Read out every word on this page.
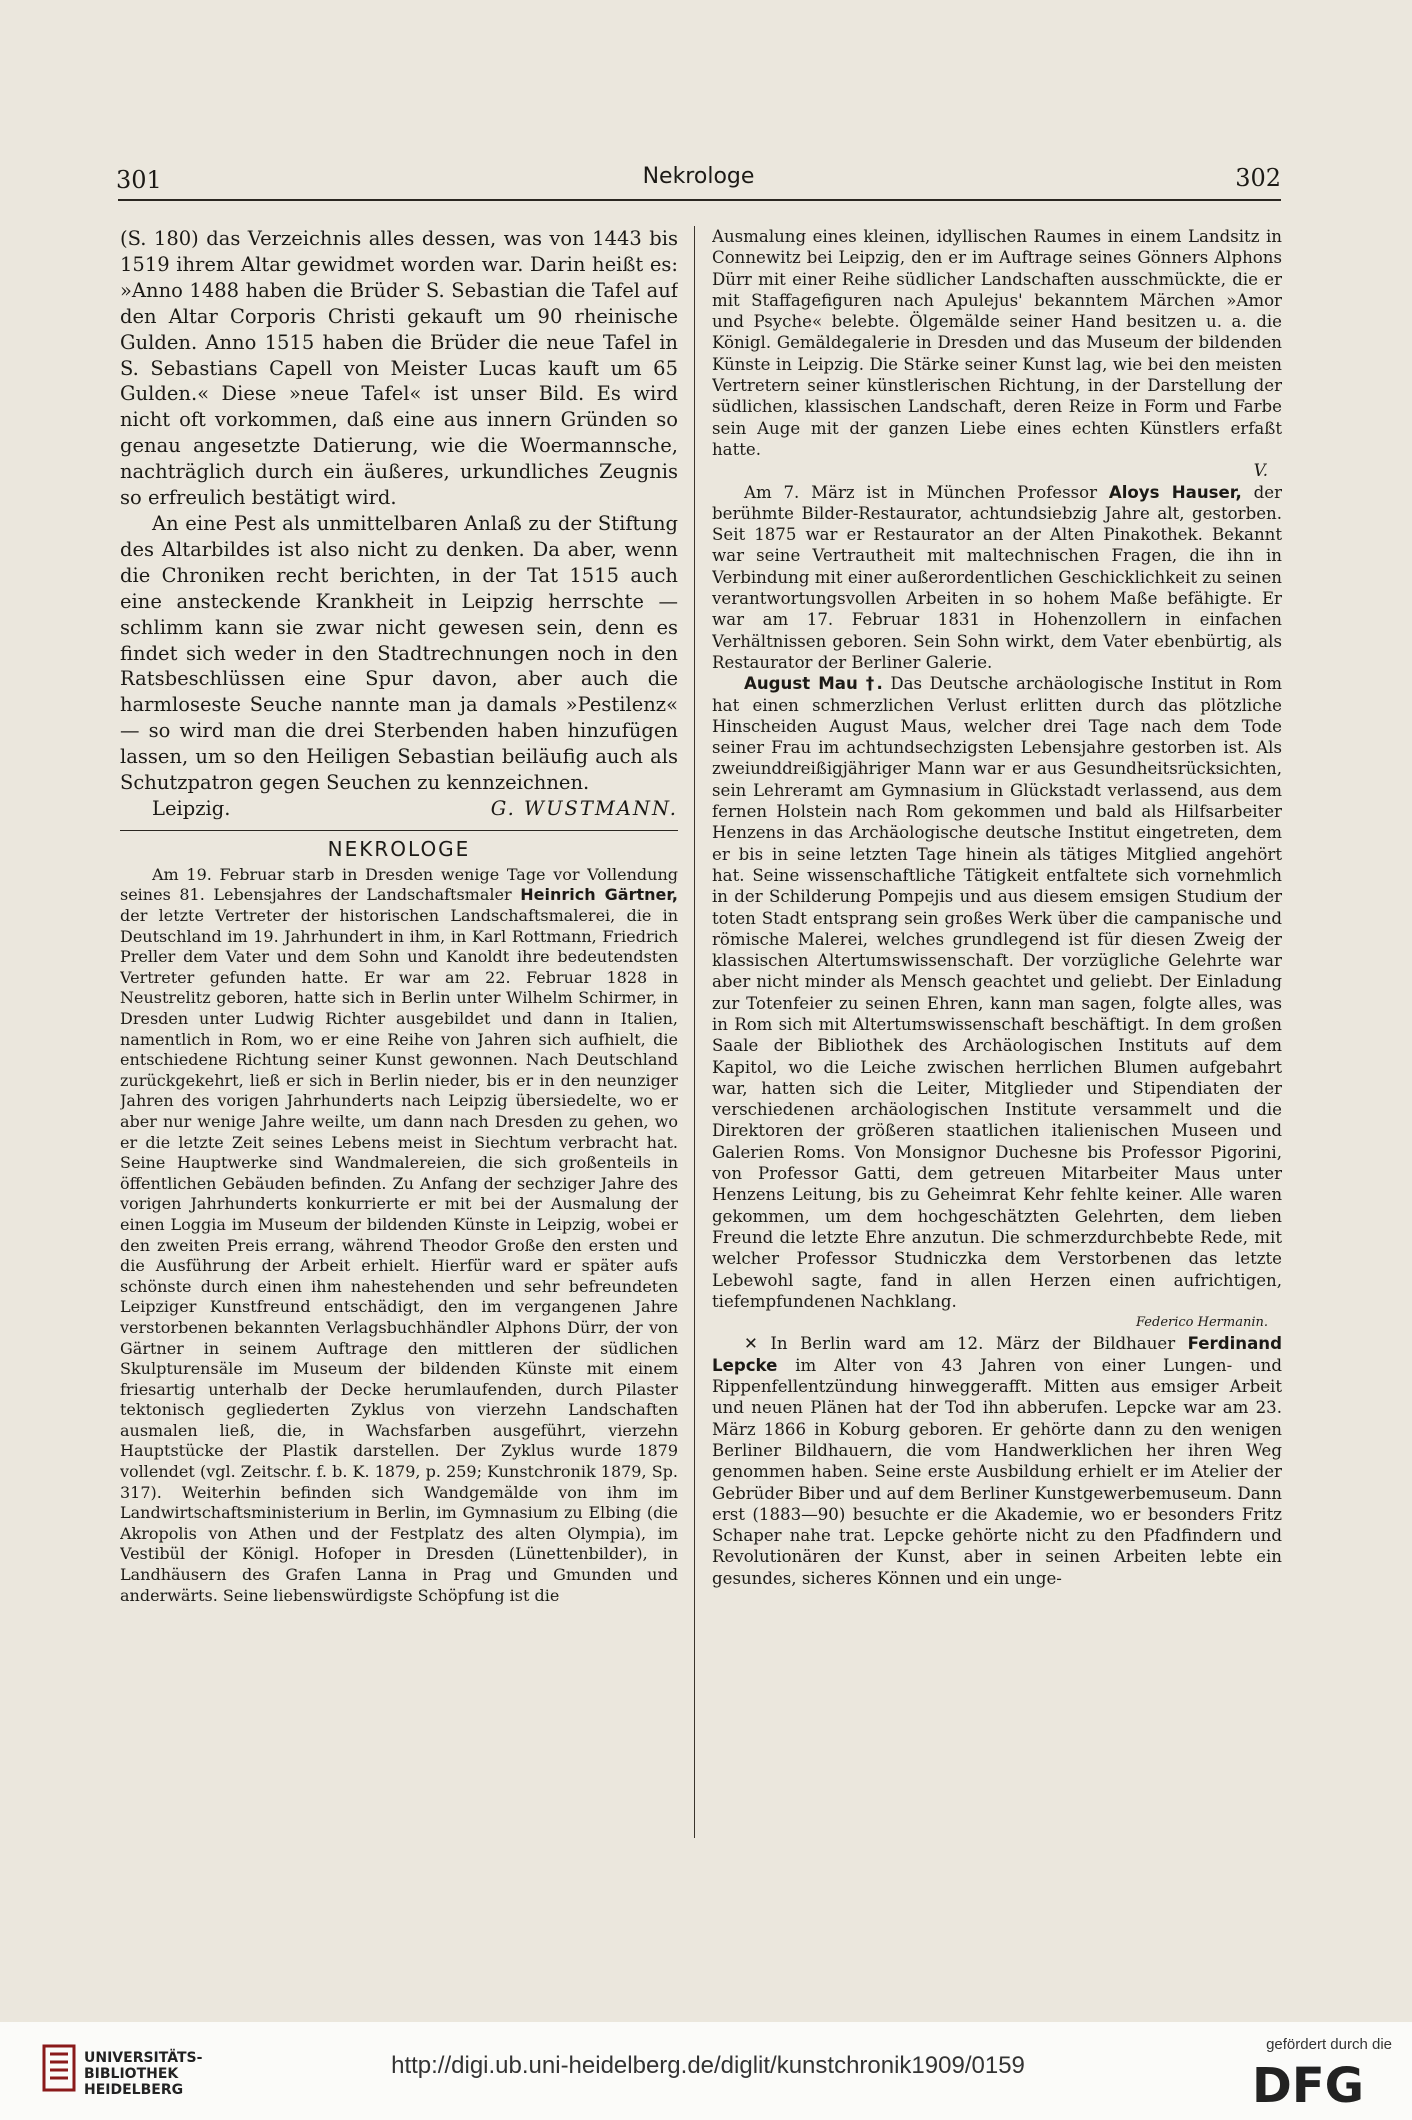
301	Nekrologe	302

(S. 180) das Verzeichnis alles dessen, was von 1443 bis 1519 ihrem Altar gewidmet worden war. Darin heißt es: »Anno 1488 haben die Brüder S. Sebastian die Tafel auf den Altar Corporis Christi gekauft um 90 rheinische Gulden. Anno 1515 haben die Brüder die neue Tafel in S. Sebastians Capell von Meister Lucas kauft um 65 Gulden.« Diese »neue Tafel« ist unser Bild. Es wird nicht oft vorkommen, daß eine aus innern Gründen so genau angesetzte Datierung, wie die Woermannsche, nachträglich durch ein äußeres, urkundliches Zeugnis so erfreulich bestätigt wird.

An eine Pest als unmittelbaren Anlaß zu der Stiftung des Altarbildes ist also nicht zu denken. Da aber, wenn die Chroniken recht berichten, in der Tat 1515 auch eine ansteckende Krankheit in Leipzig herrschte — schlimm kann sie zwar nicht gewesen sein, denn es findet sich weder in den Stadtrechnungen noch in den Ratsbeschlüssen eine Spur davon, aber auch die harmloseste Seuche nannte man ja damals »Pestilenz« — so wird man die drei Sterbenden haben hinzufügen lassen, um so den Heiligen Sebastian beiläufig auch als Schutzpatron gegen Seuchen zu kennzeichnen.

Leipzig.	G. WUSTMANN.
NEKROLOGE

Am 19. Februar starb in Dresden wenige Tage vor Vollendung seines 81. Lebensjahres der Landschaftsmaler Heinrich Gärtner, der letzte Vertreter der historischen Landschaftsmalerei, die in Deutschland im 19. Jahrhundert in ihm, in Karl Rottmann, Friedrich Preller dem Vater und dem Sohn und Kanoldt ihre bedeutendsten Vertreter gefunden hatte. Er war am 22. Februar 1828 in Neustrelitz geboren, hatte sich in Berlin unter Wilhelm Schirmer, in Dresden unter Ludwig Richter ausgebildet und dann in Italien, namentlich in Rom, wo er eine Reihe von Jahren sich aufhielt, die entschiedene Richtung seiner Kunst gewonnen. Nach Deutschland zurückgekehrt, ließ er sich in Berlin nieder, bis er in den neunziger Jahren des vorigen Jahrhunderts nach Leipzig übersiedelte, wo er aber nur wenige Jahre weilte, um dann nach Dresden zu gehen, wo er die letzte Zeit seines Lebens meist in Siechtum verbracht hat. Seine Hauptwerke sind Wandmalereien, die sich großenteils in öffentlichen Gebäuden befinden. Zu Anfang der sechziger Jahre des vorigen Jahrhunderts konkurrierte er mit bei der Ausmalung der einen Loggia im Museum der bildenden Künste in Leipzig, wobei er den zweiten Preis errang, während Theodor Große den ersten und die Ausführung der Arbeit erhielt. Hierfür ward er später aufs schönste durch einen ihm nahestehenden und sehr befreundeten Leipziger Kunstfreund entschädigt, den im vergangenen Jahre verstorbenen bekannten Verlagsbuchhändler Alphons Dürr, der von Gärtner in seinem Auftrage den mittleren der südlichen Skulpturensäle im Museum der bildenden Künste mit einem friesartig unterhalb der Decke herumlaufenden, durch Pilaster tektonisch gegliederten Zyklus von vierzehn Landschaften ausmalen ließ, die, in Wachsfarben ausgeführt, vierzehn Hauptstücke der Plastik darstellen. Der Zyklus wurde 1879 vollendet (vgl. Zeitschr. f. b. K. 1879, p. 259; Kunstchronik 1879, Sp. 317). Weiterhin befinden sich Wandgemälde von ihm im Landwirtschaftsministerium in Berlin, im Gymnasium zu Elbing (die Akropolis von Athen und der Festplatz des alten Olympia), im Vestibül der Königl. Hofoper in Dresden (Lünettenbilder), in Landhäusern des Grafen Lanna in Prag und Gmunden und anderwärts. Seine liebenswürdigste Schöpfung ist die

Ausmalung eines kleinen, idyllischen Raumes in einem Landsitz in Connewitz bei Leipzig, den er im Auftrage seines Gönners Alphons Dürr mit einer Reihe südlicher Landschaften ausschmückte, die er mit Staffagefiguren nach Apulejus' bekanntem Märchen »Amor und Psyche« belebte. Ölgemälde seiner Hand besitzen u. a. die Königl. Gemäldegalerie in Dresden und das Museum der bildenden Künste in Leipzig. Die Stärke seiner Kunst lag, wie bei den meisten Vertretern seiner künstlerischen Richtung, in der Darstellung der südlichen, klassischen Landschaft, deren Reize in Form und Farbe sein Auge mit der ganzen Liebe eines echten Künstlers erfaßt hatte.

V.

Am 7. März ist in München Professor Aloys Hauser, der berühmte Bilder-Restaurator, achtundsiebzig Jahre alt, gestorben. Seit 1875 war er Restaurator an der Alten Pinakothek. Bekannt war seine Vertrautheit mit maltechnischen Fragen, die ihn in Verbindung mit einer außerordentlichen Geschicklichkeit zu seinen verantwortungsvollen Arbeiten in so hohem Maße befähigte. Er war am 17. Februar 1831 in Hohenzollern in einfachen Verhältnissen geboren. Sein Sohn wirkt, dem Vater ebenbürtig, als Restaurator der Berliner Galerie.

August Mau †. Das Deutsche archäologische Institut in Rom hat einen schmerzlichen Verlust erlitten durch das plötzliche Hinscheiden August Maus, welcher drei Tage nach dem Tode seiner Frau im achtundsechzigsten Lebensjahre gestorben ist. Als zweiunddreißigjähriger Mann war er aus Gesundheitsrücksichten, sein Lehreramt am Gymnasium in Glückstadt verlassend, aus dem fernen Holstein nach Rom gekommen und bald als Hilfsarbeiter Henzens in das Archäologische deutsche Institut eingetreten, dem er bis in seine letzten Tage hinein als tätiges Mitglied angehört hat. Seine wissenschaftliche Tätigkeit entfaltete sich vornehmlich in der Schilderung Pompejis und aus diesem emsigen Studium der toten Stadt entsprang sein großes Werk über die campanische und römische Malerei, welches grundlegend ist für diesen Zweig der klassischen Altertumswissenschaft. Der vorzügliche Gelehrte war aber nicht minder als Mensch geachtet und geliebt. Der Einladung zur Totenfeier zu seinen Ehren, kann man sagen, folgte alles, was in Rom sich mit Altertumswissenschaft beschäftigt. In dem großen Saale der Bibliothek des Archäologischen Instituts auf dem Kapitol, wo die Leiche zwischen herrlichen Blumen aufgebahrt war, hatten sich die Leiter, Mitglieder und Stipendiaten der verschiedenen archäologischen Institute versammelt und die Direktoren der größeren staatlichen italienischen Museen und Galerien Roms. Von Monsignor Duchesne bis Professor Pigorini, von Professor Gatti, dem getreuen Mitarbeiter Maus unter Henzens Leitung, bis zu Geheimrat Kehr fehlte keiner. Alle waren gekommen, um dem hochgeschätzten Gelehrten, dem lieben Freund die letzte Ehre anzutun. Die schmerzdurchbebte Rede, mit welcher Professor Studniczka dem Verstorbenen das letzte Lebewohl sagte, fand in allen Herzen einen aufrichtigen, tiefempfundenen Nachklang.

Federico Hermanin.

✕ In Berlin ward am 12. März der Bildhauer Ferdinand Lepcke im Alter von 43 Jahren von einer Lungen- und Rippenfellentzündung hinweggerafft. Mitten aus emsiger Arbeit und neuen Plänen hat der Tod ihn abberufen. Lepcke war am 23. März 1866 in Koburg geboren. Er gehörte dann zu den wenigen Berliner Bildhauern, die vom Handwerklichen her ihren Weg genommen haben. Seine erste Ausbildung erhielt er im Atelier der Gebrüder Biber und auf dem Berliner Kunstgewerbemuseum. Dann erst (1883—90) besuchte er die Akademie, wo er besonders Fritz Schaper nahe trat. Lepcke gehörte nicht zu den Pfadfindern und Revolutionären der Kunst, aber in seinen Arbeiten lebte ein gesundes, sicheres Können und ein unge-

UNIVERSITÄTS-
BIBLIOTHEK
HEIDELBERG
http://digi.ub.uni-heidelberg.de/diglit/kunstchronik1909/0159
gefördert durch die
DFG
